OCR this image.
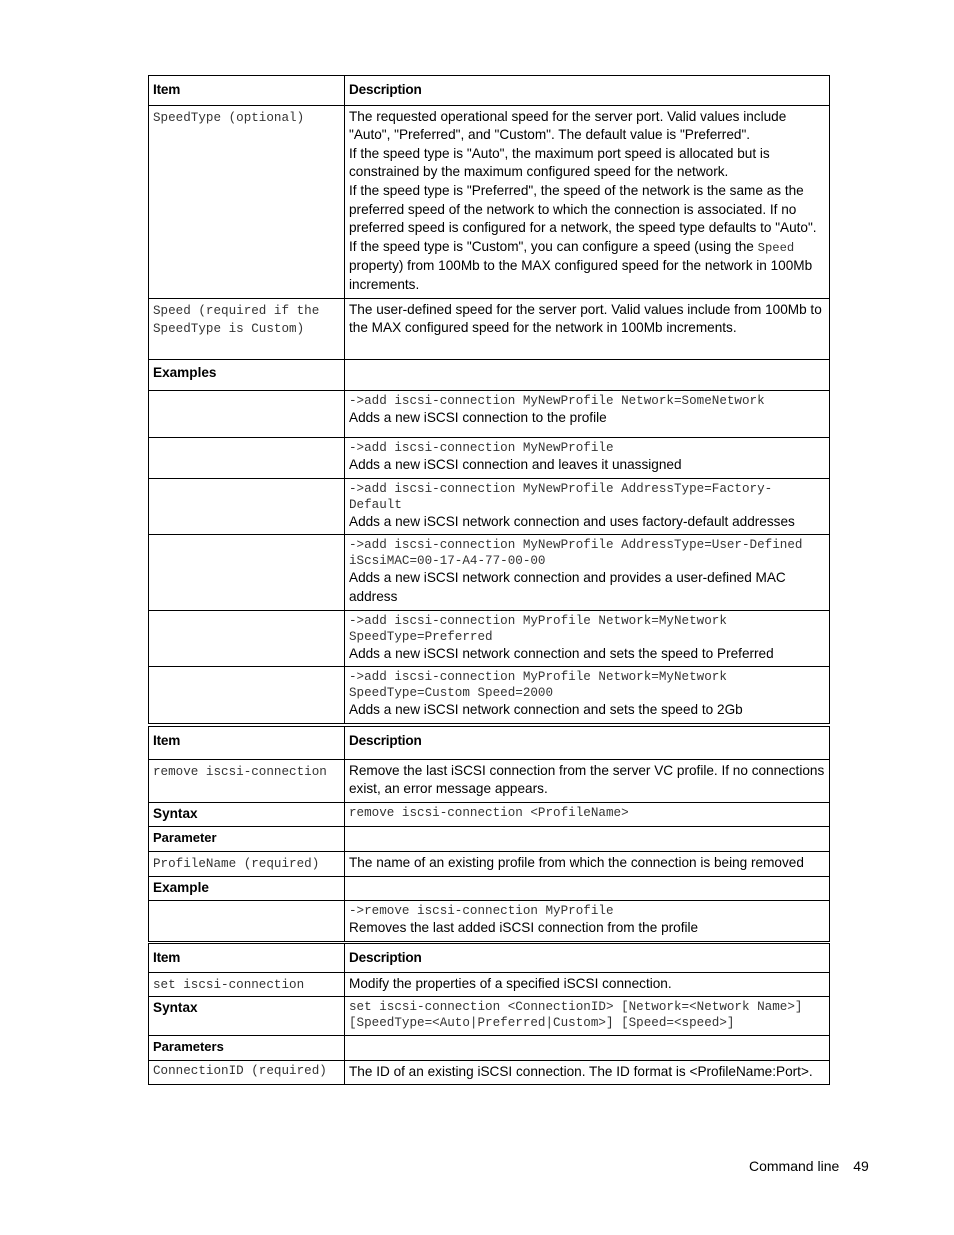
Item	Description
SpeedType (optional)	The requested operational speed for the server port. Valid values include "Auto", "Preferred", and "Custom". The default value is "Preferred".
If the speed type is "Auto", the maximum port speed is allocated but is constrained by the maximum configured speed for the network.
If the speed type is "Preferred", the speed of the network is the same as the preferred speed of the network to which the connection is associated. If no preferred speed is configured for a network, the speed type defaults to "Auto".
If the speed type is "Custom", you can configure a speed (using the Speed property) from 100Mb to the MAX configured speed for the network in 100Mb increments.

Speed (required if the SpeedType is Custom)	The user-defined speed for the server port. Valid values include from 100Mb to the MAX configured speed for the network in 100Mb increments.
Examples	

	->add iscsi-connection MyNewProfile Network=SomeNetwork
Adds a new iSCSI connection to the profile

	->add iscsi-connection MyNewProfile
Adds a new iSCSI connection and leaves it unassigned

	->add iscsi-connection MyNewProfile AddressType=Factory-Default
Adds a new iSCSI network connection and uses factory-default addresses

	->add iscsi-connection MyNewProfile AddressType=User-Defined iScsiMAC=00-17-A4-77-00-00
Adds a new iSCSI network connection and provides a user-defined MAC address

	->add iscsi-connection MyProfile Network=MyNetwork SpeedType=Preferred
Adds a new iSCSI network connection and sets the speed to Preferred

	->add iscsi-connection MyProfile Network=MyNetwork SpeedType=Custom Speed=2000
Adds a new iSCSI network connection and sets the speed to 2Gb
Item	Description

remove iscsi-connection	Remove the last iSCSI connection from the server VC profile. If no connections exist, an error message appears.
Syntax	remove iscsi-connection <ProfileName>

Parameter	
ProfileName (required)	The name of an existing profile from which the connection is being removed
Example	

	->remove iscsi-connection MyProfile
Removes the last added iSCSI connection from the profile
Item	Description
set iscsi-connection	Modify the properties of a specified iSCSI connection.
Syntax	set iscsi-connection <ConnectionID> [Network=<Network Name>] [SpeedType=<Auto|Preferred|Custom>] [Speed=<speed>]

Parameters	

ConnectionID (required)	The ID of an existing iSCSI connection. The ID format is <ProfileName:Port>.
Command line 49
